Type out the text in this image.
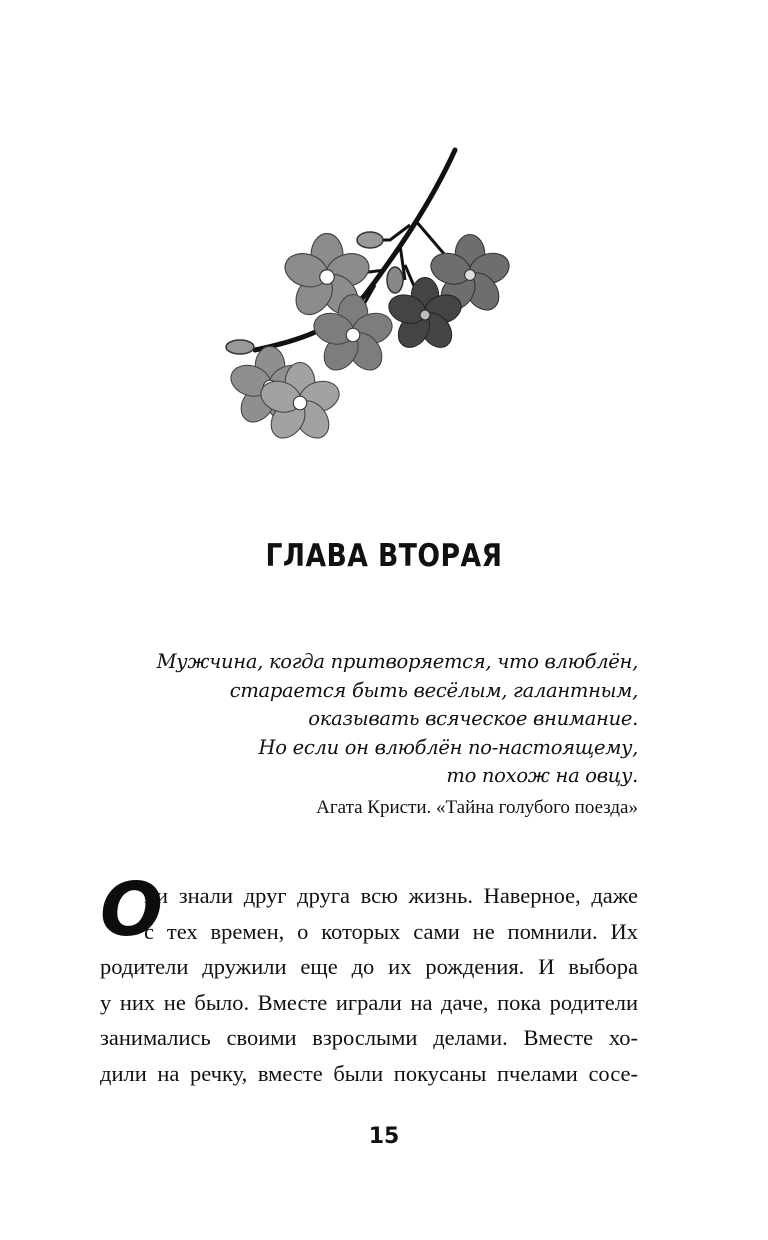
ГЛАВА ВТОРАЯ
Мужчина, когда притворяется, что влюблён,
старается быть весёлым, галантным,
оказывать всяческое внимание.
Но если он влюблён по-настоящему,
то похож на овцу.
Агата Кристи. «Тайна голубого поезда»
О
ни знали друг друга всю жизнь. Наверное, даже
с тех времен, о которых сами не помнили. Их
родители дружили еще до их рождения. И выбора
у них не было. Вместе играли на даче, пока родители
занимались своими взрослыми делами. Вместе хо-
дили на речку, вместе были покусаны пчелами сосе-
15
